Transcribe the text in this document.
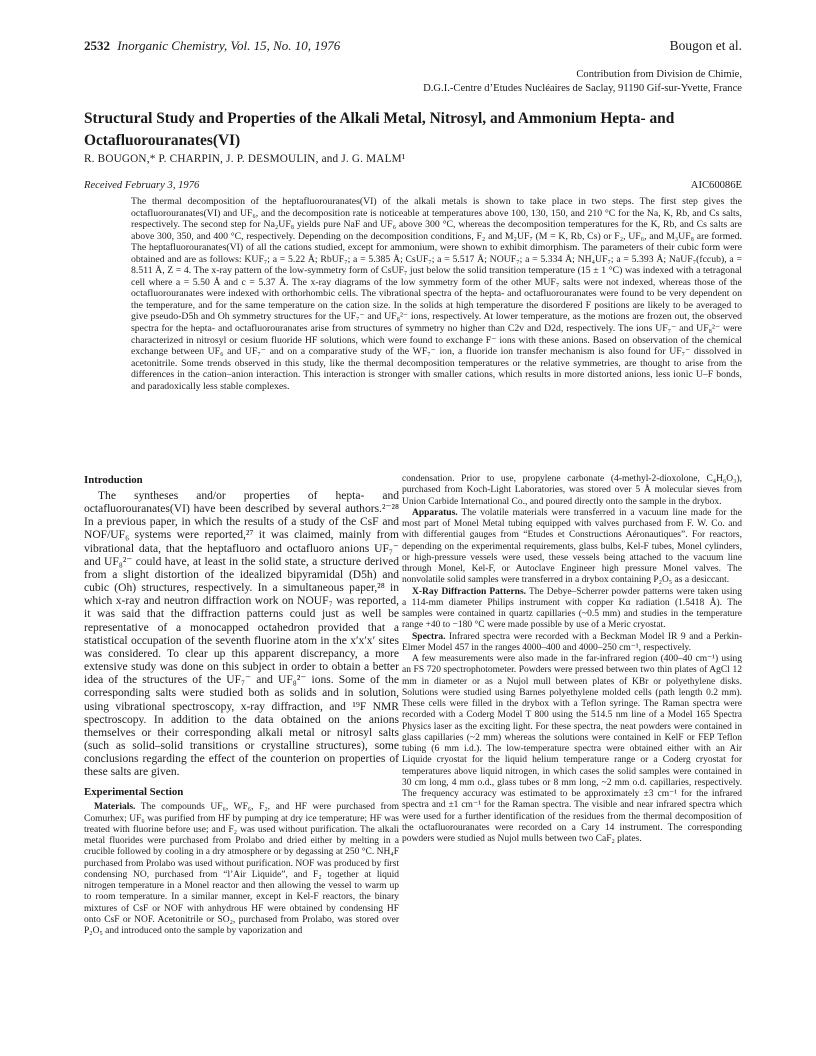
2532 Inorganic Chemistry, Vol. 15, No. 10, 1976	Bougon et al.
Contribution from Division de Chimie,
D.G.I.-Centre d’Etudes Nucléaires de Saclay, 91190 Gif-sur-Yvette, France
Structural Study and Properties of the Alkali Metal, Nitrosyl, and Ammonium Hepta- and Octafluorouranates(VI)
R. BOUGON,* P. CHARPIN, J. P. DESMOULIN, and J. G. MALM¹
Received February 3, 1976	AIC60086E
The thermal decomposition of the heptafluorouranates(VI) of the alkali metals is shown to take place in two steps. The first step gives the octafluorouranates(VI) and UF₆, and the decomposition rate is noticeable at temperatures above 100, 130, 150, and 210 °C for the Na, K, Rb, and Cs salts, respectively. The second step for Na₂UF₈ yields pure NaF and UF₆ above 300 °C, whereas the decomposition temperatures for the K, Rb, and Cs salts are above 300, 350, and 400 °C, respectively. Depending on the decomposition conditions, F₂ and M₂UF₇ (M = K, Rb, Cs) or F₂, UF₆, and M₃UF₈ are formed. The heptafluorouranates(VI) of all the cations studied, except for ammonium, were shown to exhibit dimorphism. The parameters of their cubic form were obtained and are as follows: KUF₇; a = 5.22 Å; RbUF₇; a = 5.385 Å; CsUF₇; a = 5.517 Å; NOUF₇; a = 5.334 Å; NH₄UF₇; a = 5.393 Å; NaUF₇(fccub), a = 8.511 Å, Z = 4. The x-ray pattern of the low-symmetry form of CsUF₇ just below the solid transition temperature (15 ± 1 °C) was indexed with a tetragonal cell where a = 5.50 Å and c = 5.37 Å. The x-ray diagrams of the low symmetry form of the other MUF₇ salts were not indexed, whereas those of the octafluorouranates were indexed with orthorhombic cells. The vibrational spectra of the hepta- and octafluorouranates were found to be very dependent on the temperature, and for the same temperature on the cation size. In the solids at high temperature the disordered F positions are likely to be averaged to give pseudo-D5h and Oh symmetry structures for the UF₇⁻ and UF₈²⁻ ions, respectively. At lower temperature, as the motions are frozen out, the observed spectra for the hepta- and octafluorouranates arise from structures of symmetry no higher than C2v and D2d, respectively. The ions UF₇⁻ and UF₈²⁻ were characterized in nitrosyl or cesium fluoride HF solutions, which were found to exchange F⁻ ions with these anions. Based on observation of the chemical exchange between UF₆ and UF₇⁻ and on a comparative study of the WF₇⁻ ion, a fluoride ion transfer mechanism is also found for UF₇⁻ dissolved in acetonitrile. Some trends observed in this study, like the thermal decomposition temperatures or the relative symmetries, are thought to arise from the differences in the cation–anion interaction. This interaction is stronger with smaller cations, which results in more distorted anions, less ionic U–F bonds, and paradoxically less stable complexes.
Introduction

The syntheses and/or properties of hepta- and octafluorouranates(VI) have been described by several authors.²⁻²⁸ In a previous paper, in which the results of a study of the CsF and NOF/UF₆ systems were reported,²⁷ it was claimed, mainly from vibrational data, that the heptafluoro and octafluoro anions UF₇⁻ and UF₈²⁻ could have, at least in the solid state, a structure derived from a slight distortion of the idealized bipyramidal (D5h) and cubic (Oh) structures, respectively. In a simultaneous paper,²⁸ in which x-ray and neutron diffraction work on NOUF₇ was reported, it was said that the diffraction patterns could just as well be representative of a monocapped octahedron provided that a statistical occupation of the seventh fluorine atom in the x′x′x′ sites was considered. To clear up this apparent discrepancy, a more extensive study was done on this subject in order to obtain a better idea of the structures of the UF₇⁻ and UF₈²⁻ ions. Some of the corresponding salts were studied both as solids and in solution, using vibrational spectroscopy, x-ray diffraction, and ¹⁹F NMR spectroscopy. In addition to the data obtained on the anions themselves or their corresponding alkali metal or nitrosyl salts (such as solid–solid transitions or crystalline structures), some conclusions regarding the effect of the counterion on properties of these salts are given.

Experimental Section

Materials. The compounds UF₆, WF₆, F₂, and HF were purchased from Comurhex; UF₆ was purified from HF by pumping at dry ice temperature; HF was treated with fluorine before use; and F₂ was used without purification. The alkali metal fluorides were purchased from Prolabo and dried either by melting in a crucible followed by cooling in a dry atmosphere or by degassing at 250 °C. NH₄F purchased from Prolabo was used without purification. NOF was produced by first condensing NO, purchased from “l’Air Liquide”, and F₂ together at liquid nitrogen temperature in a Monel reactor and then allowing the vessel to warm up to room temperature. In a similar manner, except in Kel-F reactors, the binary mixtures of CsF or NOF with anhydrous HF were obtained by condensing HF onto CsF or NOF. Acetonitrile or SO₂, purchased from Prolabo, was stored over P₂O₅ and introduced onto the sample by vaporization and

condensation. Prior to use, propylene carbonate (4-methyl-2-dioxolone, C₄H₆O₃), purchased from Koch-Light Laboratories, was stored over 5 Å molecular sieves from Union Carbide International Co., and poured directly onto the sample in the drybox.

Apparatus. The volatile materials were transferred in a vacuum line made for the most part of Monel Metal tubing equipped with valves purchased from F. W. Co. and with differential gauges from “Etudes et Constructions Aéronautiques”. For reactors, depending on the experimental requirements, glass bulbs, Kel-F tubes, Monel cylinders, or high-pressure vessels were used, these vessels being attached to the vacuum line through Monel, Kel-F, or Autoclave Engineer high pressure Monel valves. The nonvolatile solid samples were transferred in a drybox containing P₂O₅ as a desiccant.

X-Ray Diffraction Patterns. The Debye–Scherrer powder patterns were taken using a 114-mm diameter Philips instrument with copper Kα radiation (1.5418 Å). The samples were contained in quartz capillaries (~0.5 mm) and studies in the temperature range +40 to −180 °C were made possible by use of a Meric cryostat.

Spectra. Infrared spectra were recorded with a Beckman Model IR 9 and a Perkin-Elmer Model 457 in the ranges 4000–400 and 4000–250 cm⁻¹, respectively.

A few measurements were also made in the far-infrared region (400–40 cm⁻¹) using an FS 720 spectrophotometer. Powders were pressed between two thin plates of AgCl 12 mm in diameter or as a Nujol mull between plates of KBr or polyethylene disks. Solutions were studied using Barnes polyethylene molded cells (path length 0.2 mm). These cells were filled in the drybox with a Teflon syringe. The Raman spectra were recorded with a Coderg Model T 800 using the 514.5 nm line of a Model 165 Spectra Physics laser as the exciting light. For these spectra, the neat powders were contained in glass capillaries (~2 mm) whereas the solutions were contained in KelF or FEP Teflon tubing (6 mm i.d.). The low-temperature spectra were obtained either with an Air Liquide cryostat for the liquid helium temperature range or a Coderg cryostat for temperatures above liquid nitrogen, in which cases the solid samples were contained in 30 cm long, 4 mm o.d., glass tubes or 8 mm long, ~2 mm o.d. capillaries, respectively. The frequency accuracy was estimated to be approximately ±3 cm⁻¹ for the infrared spectra and ±1 cm⁻¹ for the Raman spectra. The visible and near infrared spectra which were used for a further identification of the residues from the thermal decomposition of the octafluorouranates were recorded on a Cary 14 instrument. The corresponding powders were studied as Nujol mulls between two CaF₂ plates.
